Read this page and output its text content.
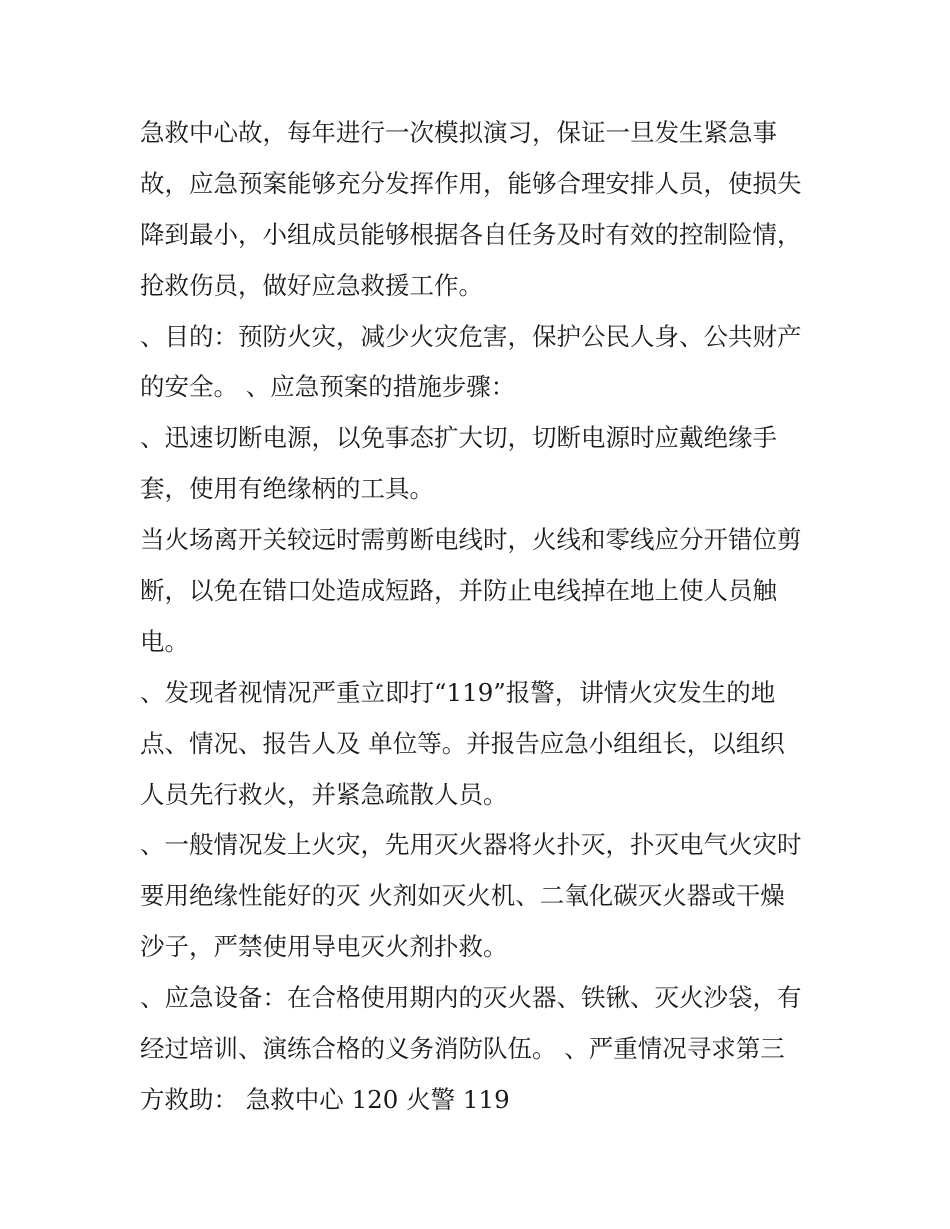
急救中心故，每年进行一次模拟演习，保证一旦发生紧急事
故，应急预案能够充分发挥作用，能够合理安排人员，使损失
降到最小，小组成员能够根据各自任务及时有效的控制险情，
抢救伤员，做好应急救援工作。
、目的：预防火灾，减少火灾危害，保护公民人身、公共财产
的安全。 、应急预案的措施步骤：
、迅速切断电源，以免事态扩大切，切断电源时应戴绝缘手
套，使用有绝缘柄的工具。
当火场离开关较远时需剪断电线时，火线和零线应分开错位剪
断，以免在错口处造成短路，并防止电线掉在地上使人员触
电。
、发现者视情况严重立即打“119”报警，讲情火灾发生的地
点、情况、报告人及 单位等。并报告应急小组组长，以组织
人员先行救火，并紧急疏散人员。
、一般情况发上火灾，先用灭火器将火扑灭，扑灭电气火灾时
要用绝缘性能好的灭 火剂如灭火机、二氧化碳灭火器或干燥
沙子，严禁使用导电灭火剂扑救。
、应急设备：在合格使用期内的灭火器、铁锹、灭火沙袋，有
经过培训、演练合格的义务消防队伍。 、严重情况寻求第三
方救助： 急救中心 120 火警 119
